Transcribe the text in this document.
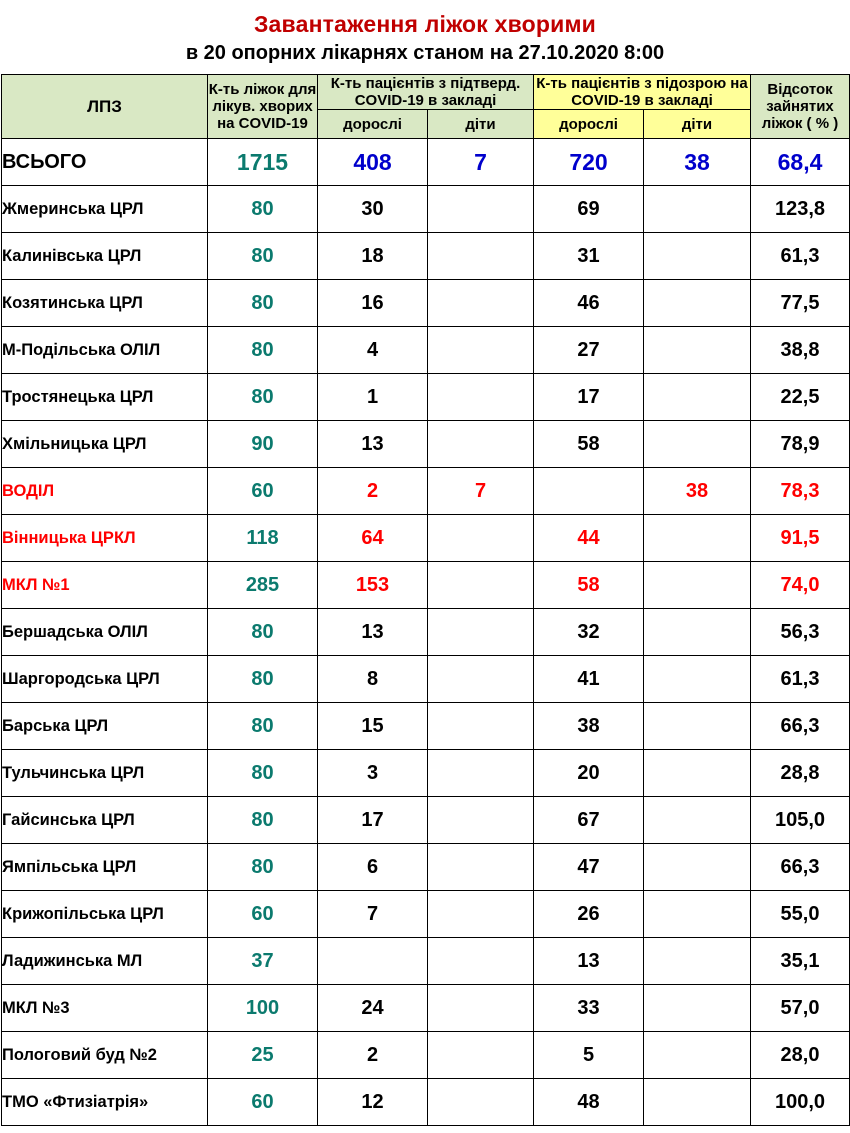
Завантаження ліжок хворими
в 20 опорних лікарнях станом на 27.10.2020 8:00
ЛПЗ	К-ть ліжок для лікув. хворих на COVID-19	К-ть пацієнтів з підтверд. COVID-19 в закладі		К-ть пацієнтів з підозрою на COVID-19 в закладі		Відсоток зайнятих ліжок ( % )
		дорослі	діти	дорослі	діти	
ВСЬОГО	1715	408	7	720	38	68,4
Жмеринська ЦРЛ	80	30		69		123,8
Калинівська ЦРЛ	80	18		31		61,3
Козятинська ЦРЛ	80	16		46		77,5
М-Подільська ОЛІЛ	80	4		27		38,8
Тростянецька ЦРЛ	80	1		17		22,5
Хмільницька ЦРЛ	90	13		58		78,9
ВОДІЛ	60	2	7		38	78,3
Вінницька ЦРКЛ	118	64		44		91,5
МКЛ №1	285	153		58		74,0
Бершадська ОЛІЛ	80	13		32		56,3
Шаргородська ЦРЛ	80	8		41		61,3
Барська ЦРЛ	80	15		38		66,3
Тульчинська ЦРЛ	80	3		20		28,8
Гайсинська ЦРЛ	80	17		67		105,0
Ямпільська ЦРЛ	80	6		47		66,3
Крижопільська ЦРЛ	60	7		26		55,0
Ладижинська МЛ	37			13		35,1
МКЛ №3	100	24		33		57,0
Пологовий буд №2	25	2		5		28,0
ТМО «Фтизіатрія»	60	12		48		100,0
